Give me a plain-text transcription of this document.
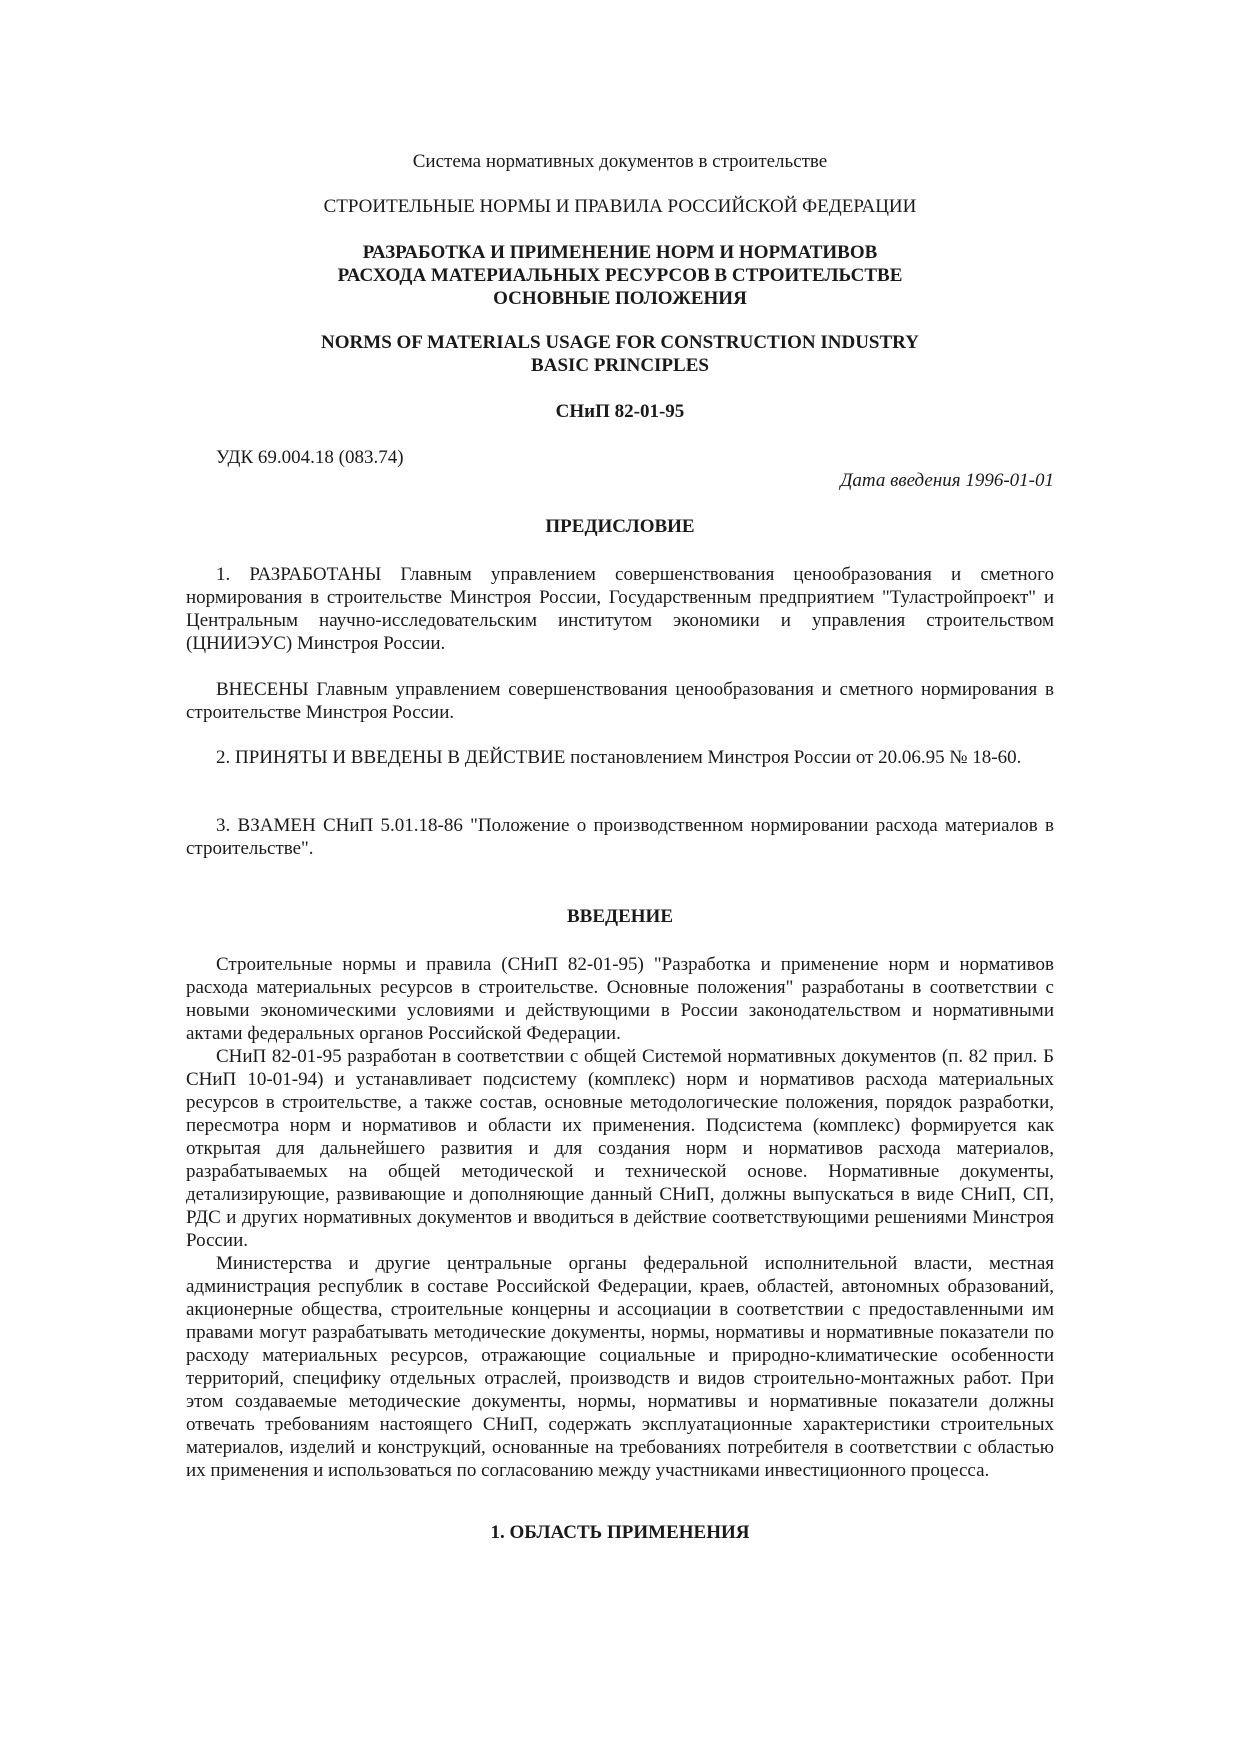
Система нормативных документов в строительстве
СТРОИТЕЛЬНЫЕ НОРМЫ И ПРАВИЛА РОССИЙСКОЙ ФЕДЕРАЦИИ
РАЗРАБОТКА И ПРИМЕНЕНИЕ НОРМ И НОРМАТИВОВ
РАСХОДА МАТЕРИАЛЬНЫХ РЕСУРСОВ В СТРОИТЕЛЬСТВЕ
ОСНОВНЫЕ ПОЛОЖЕНИЯ
NORMS OF MATERIALS USAGE FOR CONSTRUCTION INDUSTRY
BASIC PRINCIPLES
СНиП 82-01-95
УДК 69.004.18 (083.74)
Дата введения 1996-01-01
ПРЕДИСЛОВИЕ

1. РАЗРАБОТАНЫ Главным управлением совершенствования ценообразования и сметного нормирования в строительстве Минстроя России, Государственным предприятием "Туластройпроект" и Центральным научно-исследовательским институтом экономики и управления строительством (ЦНИИЭУС) Минстроя России.

ВНЕСЕНЫ Главным управлением совершенствования ценообразования и сметного нормирования в строительстве Минстроя России.

2. ПРИНЯТЫ И ВВЕДЕНЫ В ДЕЙСТВИЕ постановлением Минстроя России от 20.06.95 № 18-60.

3. ВЗАМЕН СНиП 5.01.18-86 "Положение о производственном нормировании расхода материалов в строительстве".

ВВЕДЕНИЕ

Строительные нормы и правила (СНиП 82-01-95) "Разработка и применение норм и нормативов расхода материальных ресурсов в строительстве. Основные положения" разработаны в соответствии с новыми экономическими условиями и действующими в России законодательством и нормативными актами федеральных органов Российской Федерации.

СНиП 82-01-95 разработан в соответствии с общей Системой нормативных документов (п. 82 прил. Б СНиП 10-01-94) и устанавливает подсистему (комплекс) норм и нормативов расхода материальных ресурсов в строительстве, а также состав, основные методологические положения, порядок разработки, пересмотра норм и нормативов и области их применения. Подсистема (комплекс) формируется как открытая для дальнейшего развития и для создания норм и нормативов расхода материалов, разрабатываемых на общей методической и технической основе. Нормативные документы, детализирующие, развивающие и дополняющие данный СНиП, должны выпускаться в виде СНиП, СП, РДС и других нормативных документов и вводиться в действие соответствующими решениями Минстроя России.

Министерства и другие центральные органы федеральной исполнительной власти, местная администрация республик в составе Российской Федерации, краев, областей, автономных образований, акционерные общества, строительные концерны и ассоциации в соответствии с предоставленными им правами могут разрабатывать методические документы, нормы, нормативы и нормативные показатели по расходу материальных ресурсов, отражающие социальные и природно-климатические особенности территорий, специфику отдельных отраслей, производств и видов строительно-монтажных работ. При этом создаваемые методические документы, нормы, нормативы и нормативные показатели должны отвечать требованиям настоящего СНиП, содержать эксплуатационные характеристики строительных материалов, изделий и конструкций, основанные на требованиях потребителя в соответствии с областью их применения и использоваться по согласованию между участниками инвестиционного процесса.

1. ОБЛАСТЬ ПРИМЕНЕНИЯ
